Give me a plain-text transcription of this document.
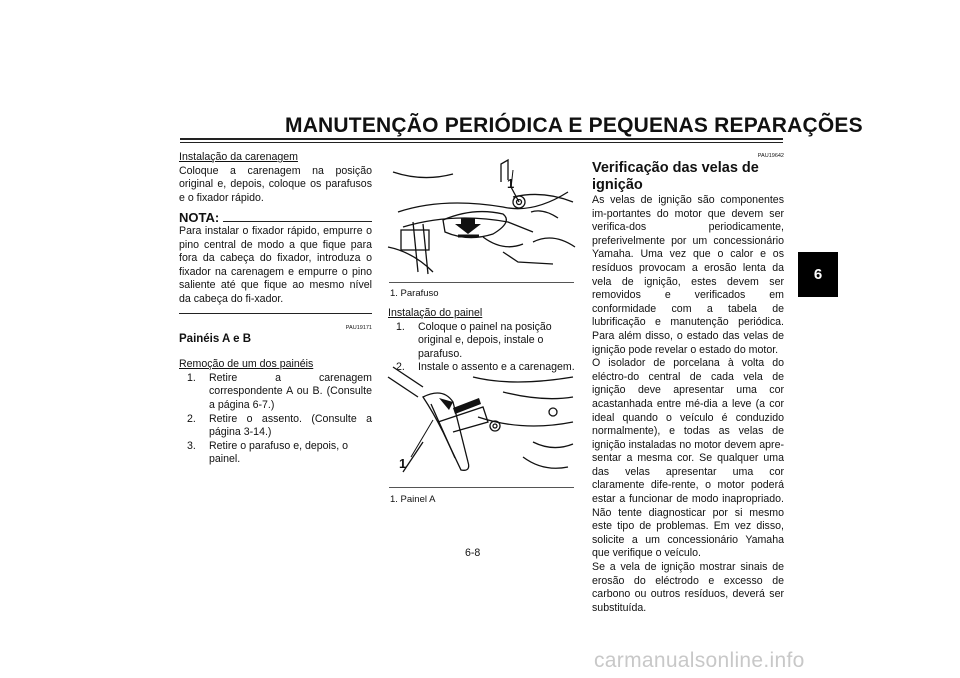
MANUTENÇÃO PERIÓDICA E PEQUENAS REPARAÇÕES
6
Instalação da carenagem
Coloque a carenagem na posição original e, depois, coloque os parafusos e o fixador rápido.
NOTA:
Para instalar o fixador rápido, empurre o pino central de modo a que fique para fora da cabeça do fixador, introduza o fixador na carenagem e empurre o pino saliente até que fique ao mesmo nível da cabeça do fi-xador.
PAU19171
Painéis A e B
Remoção de um dos painéis
1.	Retire a carenagem correspondente A ou B. (Consulte a página 6-7.)
2.	Retire o assento. (Consulte a página 3-14.)
3.	Retire o parafuso e, depois, o painel.
1
1. Parafuso
Instalação do painel
1.	Coloque o painel na posição original e, depois, instale o parafuso.
2.	Instale o assento e a carenagem.
1
1. Painel A
PAU19642
Verificação das velas de ignição
As velas de ignição são componentes im-portantes do motor que devem ser verifica-dos periodicamente, preferivelmente por um concessionário Yamaha. Uma vez que o calor e os resíduos provocam a erosão lenta da vela de ignição, estes devem ser removidos e verificados em conformidade com a tabela de lubrificação e manutenção periódica. Para além disso, o estado das velas de ignição pode revelar o estado do motor.
O isolador de porcelana à volta do eléctro-do central de cada vela de ignição deve apresentar uma cor acastanhada entre mé-dia a leve (a cor ideal quando o veículo é conduzido normalmente), e todas as velas de ignição instaladas no motor devem apre-sentar a mesma cor. Se qualquer uma das velas apresentar uma cor claramente dife-rente, o motor poderá estar a funcionar de modo inapropriado. Não tente diagnosticar por si mesmo este tipo de problemas. Em vez disso, solicite a um concessionário Yamaha que verifique o veículo.
Se a vela de ignição mostrar sinais de erosão do eléctrodo e excesso de carbono ou outros resíduos, deverá ser substituída.
6-8
carmanualsonline.info
